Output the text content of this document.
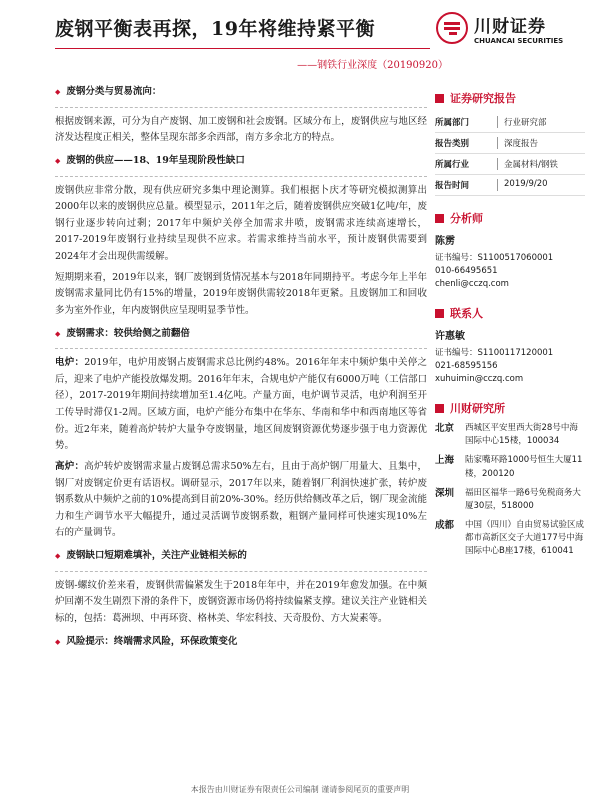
废钢平衡表再探，19年将维持紧平衡
——钢铁行业深度（20190920）
川财证券
CHUANCAI SECURITIES
◆ 废钢分类与贸易流向：

根据废钢来源，可分为自产废钢、加工废钢和社会废钢。区域分布上，废钢供应与地区经济发达程度正相关，整体呈现东部多余西部，南方多余北方的特点。

◆ 废钢的供应——18、19年呈现阶段性缺口

废钢供应非常分散，现有供应研究多集中理论测算。我们根据卜庆才等研究模拟测算出2000年以来的废钢供应总量。模型显示，2011年之后，随着废钢供应突破1亿吨/年，废钢行业逐步转向过剩；2017年中频炉关停全加需求井喷，废钢需求连续高速增长，2017-2019年废钢行业持续呈现供不应求。若需求维持当前水平，预计废钢供需要到2024年才会出现供需缓解。

短期期来看，2019年以来，钢厂废钢到货情况基本与2018年同期持平。考虑今年上半年废钢需求量同比仍有15%的增量，2019年废钢供需较2018年更紧。且废钢加工和回收多为室外作业，年内废钢供应呈现明显季节性。

◆ 废钢需求：较供给侧之前翻倍

电炉：2019年，电炉用废钢占废钢需求总比例约48%。2016年年末中频炉集中关停之后，迎来了电炉产能投放爆发期。2016年年末，合规电炉产能仅有6000万吨（工信部口径），2017-2019年期间持续增加至1.4亿吨。产量方面，电炉调节灵活，电炉利润至开工传导时滞仅1-2周。区域方面，电炉产能分布集中在华东、华南和华中和西南地区等省份。近2年来，随着高炉转炉大量争夺废钢量，地区间废钢资源优势逐步强于电力资源优势。

高炉：高炉转炉废钢需求量占废钢总需求50%左右，且由于高炉钢厂用量大、且集中，钢厂对废钢定价更有话语权。调研显示，2017年以来，随着钢厂利润快速扩张，转炉废钢系数从中频炉之前的10%提高到目前20%-30%。经历供给侧改革之后，钢厂现金流能力和生产调节水平大幅提升，通过灵活调节废钢系数，粗钢产量同样可快速实现10%左右的产量调节。

◆ 废钢缺口短期难填补，关注产业链相关标的

废钢-螺纹价差来看，废钢供需偏紧发生于2018年年中，并在2019年愈发加强。在中频炉回潮不发生剧烈下滑的条件下，废钢资源市场仍将持续偏紧支撑。建议关注产业链相关标的，包括：葛洲坝、中再环资、格林美、华宏科技、天奇股份、方大炭素等。

◆ 风险提示：终端需求风险，环保政策变化
证券研究报告
所属部门	行业研究部
报告类别	深度报告
所属行业	金属材料/钢铁
报告时间	2019/9/20
分析师
陈雳
证书编号：S1100517060001
010-66495651
chenli@cczq.com
联系人
许惠敏
证书编号：S1100117120001
021-68595156
xuhuimin@cczq.com
川财研究所
北京	西城区平安里西大街28号中海国际中心15楼，100034
上海	陆家嘴环路1000号恒生大厦11楼，200120
深圳	福田区福华一路6号免税商务大厦30层，518000
成都	中国（四川）自由贸易试验区成都市高新区交子大道177号中海国际中心B座17楼，610041
本报告由川财证券有限责任公司编制 谨请参阅尾页的重要声明
